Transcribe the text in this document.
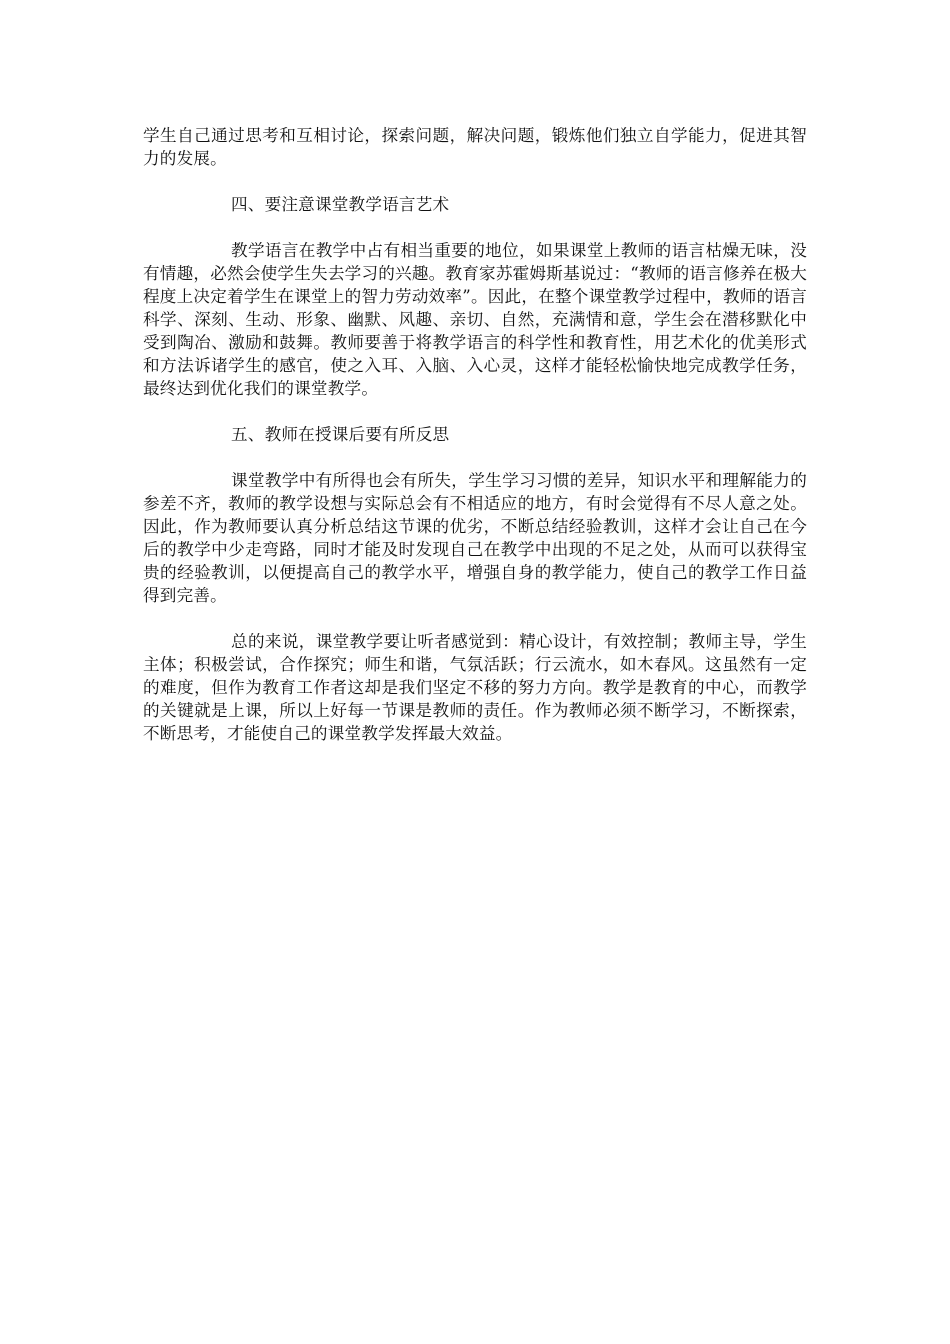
学生自己通过思考和互相讨论，探索问题，解决问题，锻炼他们独立自学能力，促进其智力的发展。

四、要注意课堂教学语言艺术

教学语言在教学中占有相当重要的地位，如果课堂上教师的语言枯燥无味，没有情趣，必然会使学生失去学习的兴趣。教育家苏霍姆斯基说过：“教师的语言修养在极大程度上决定着学生在课堂上的智力劳动效率”。因此，在整个课堂教学过程中，教师的语言科学、深刻、生动、形象、幽默、风趣、亲切、自然，充满情和意，学生会在潜移默化中受到陶冶、激励和鼓舞。教师要善于将教学语言的科学性和教育性，用艺术化的优美形式和方法诉诸学生的感官，使之入耳、入脑、入心灵，这样才能轻松愉快地完成教学任务，最终达到优化我们的课堂教学。

五、教师在授课后要有所反思

课堂教学中有所得也会有所失，学生学习习惯的差异，知识水平和理解能力的参差不齐，教师的教学设想与实际总会有不相适应的地方，有时会觉得有不尽人意之处。因此，作为教师要认真分析总结这节课的优劣，不断总结经验教训，这样才会让自己在今后的教学中少走弯路，同时才能及时发现自己在教学中出现的不足之处，从而可以获得宝贵的经验教训，以便提高自己的教学水平，增强自身的教学能力，使自己的教学工作日益得到完善。

总的来说，课堂教学要让听者感觉到：精心设计，有效控制；教师主导，学生主体；积极尝试，合作探究；师生和谐，气氛活跃；行云流水，如木春风。这虽然有一定的难度，但作为教育工作者这却是我们坚定不移的努力方向。教学是教育的中心，而教学的关键就是上课，所以上好每一节课是教师的责任。作为教师必须不断学习，不断探索，不断思考，才能使自己的课堂教学发挥最大效益。
